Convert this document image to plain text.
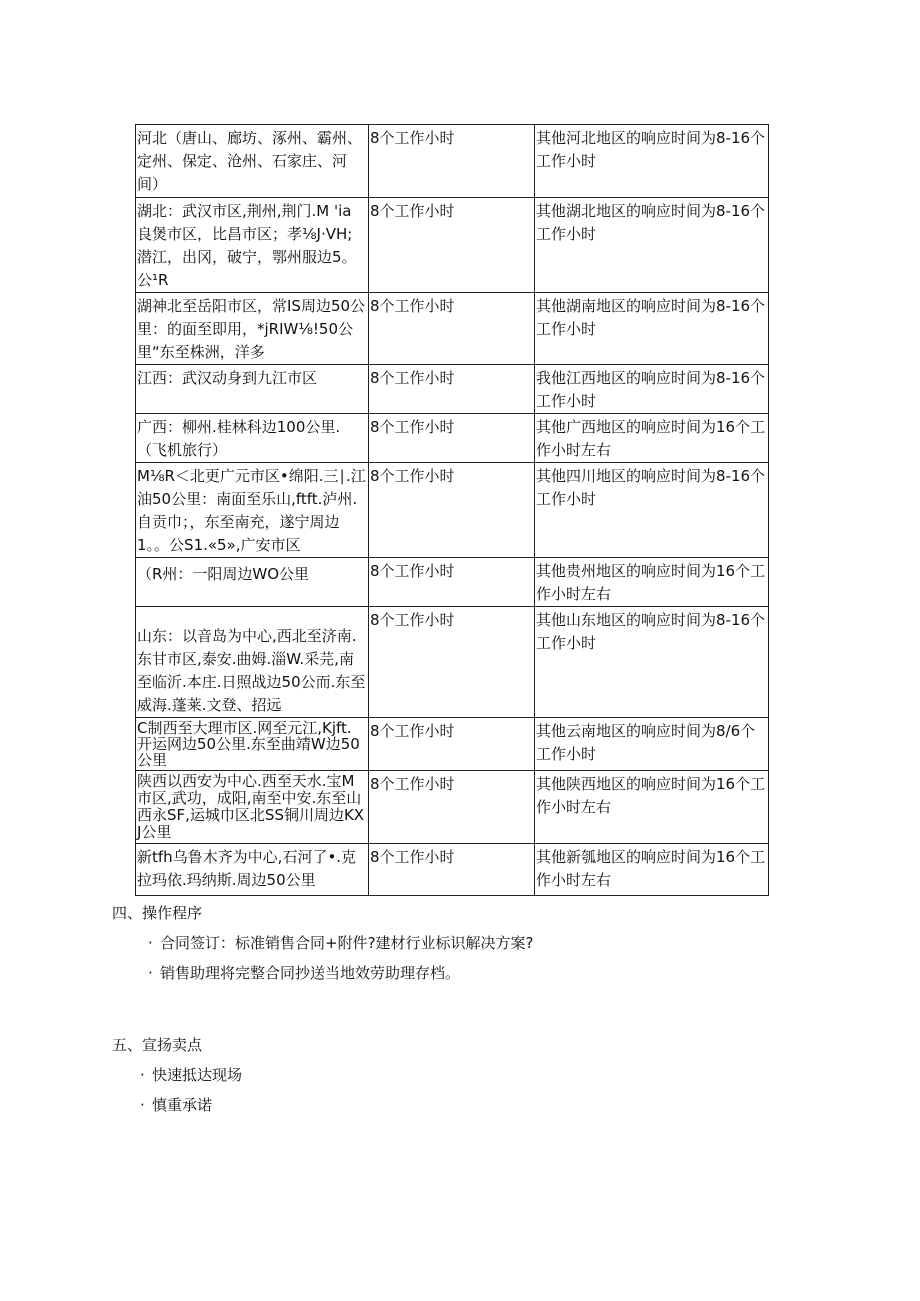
河北（唐山、廊坊、涿州、霸州、定州、保定、沧州、石家庄、河间）	8个工作小时	其他河北地区的响应时间为8-16个工作小时
湖北：武汉市区,荆州,荆门.M 'ia良煲市区，比昌市区；孝⅛J·VH;潜江，出冈，破宁，鄂州服边5。公¹R	8个工作小时	其他湖北地区的响应时间为8-16个工作小时
湖神北至岳阳市区，常IS周边50公里：的面至即用，*jRIW⅛!50公里“东至株洲，洋多	8个工作小时	其他湖南地区的响应时间为8-16个工作小时
江西：武汉动身到九江市区	8个工作小时	我他江西地区的响应时间为8-16个工作小时
广西：柳州.桂林科边100公里.（飞机旅行）	8个工作小时	其他广西地区的响应时间为16个工作小时左右
M⅛R＜北更广元市区•绵阳.三∣.江油50公里：南面至乐山,ftft.泸州.自贡巾；，东至南充，遂宁周边1。。公S1.«5»,广安市区	8个工作小时	其他四川地区的响应时间为8-16个工作小时
（R州：一阳周边WO公里	8个工作小时	其他贵州地区的响应时间为16个工作小时左右
山东：以音岛为中心,西北至济南.东甘市区,泰安.曲姆.淄W.采芫,南至临沂.本庄.日照战边50公而.东至威海.蓬莱.文登、招远	8个工作小时	其他山东地区的响应时间为8-16个工作小时
C制西至大理市区.网至元江,Kjft.开运网边50公里.东至曲靖W边50公里	8个工作小时	其他云南地区的响应时间为8/6个工作小时
陕西以西安为中心.西至天水.宝M市区,武功，成阳,南至中安.东至山西永SF,运城巾区北SS铜川周边KXJ公里	8个工作小时	其他陕西地区的响应时间为16个工作小时左右
新tfh乌鲁木齐为中心,石河了•.克拉玛依.玛纳斯.周边50公里	8个工作小时	其他新瓠地区的响应时间为16个工作小时左右
四、操作程序
· 合同签订：标准销售合同+附件?建材行业标识解决方案?
· 销售助理将完整合同抄送当地效劳助理存档。
五、宣扬卖点
· 快速抵达现场
· 慎重承诺
